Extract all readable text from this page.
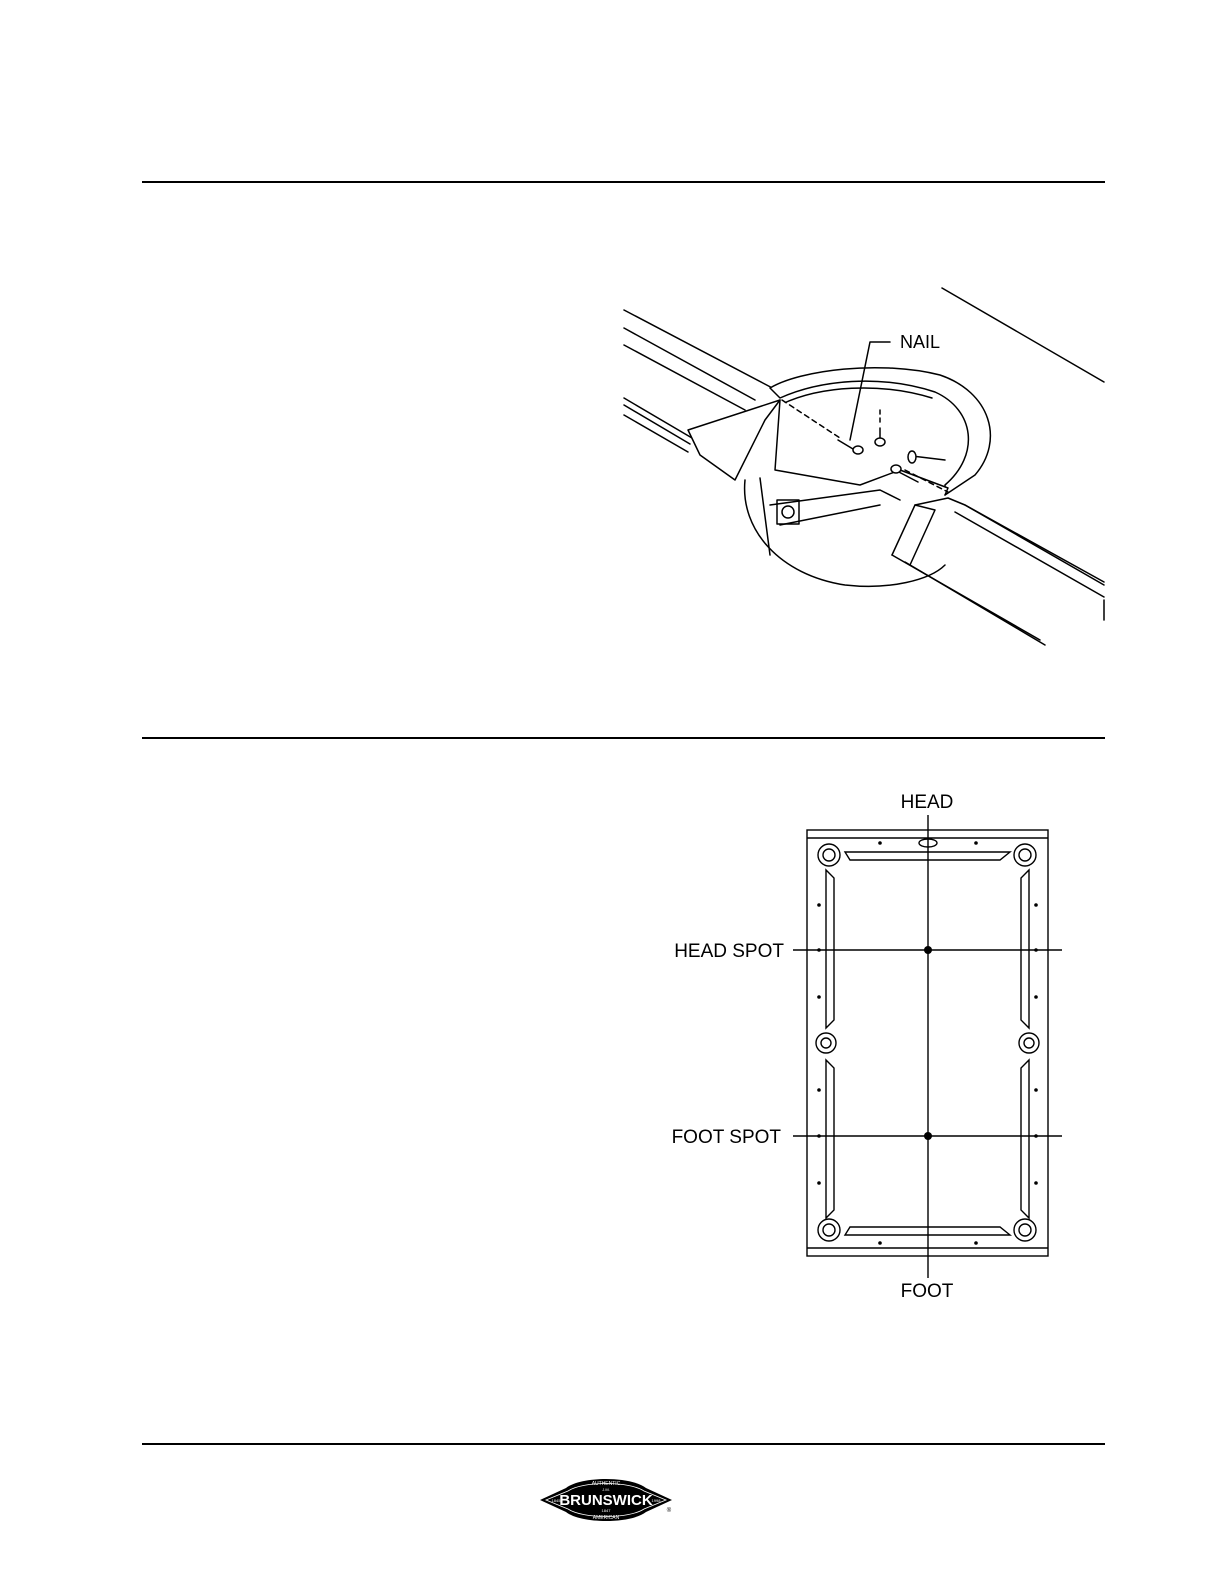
NAIL
HEAD
HEAD SPOT
FOOT SPOT
FOOT
AUTHENTIC
J.M.
BRUNSWICK
1845	1998
1847
AMERICAN
®
